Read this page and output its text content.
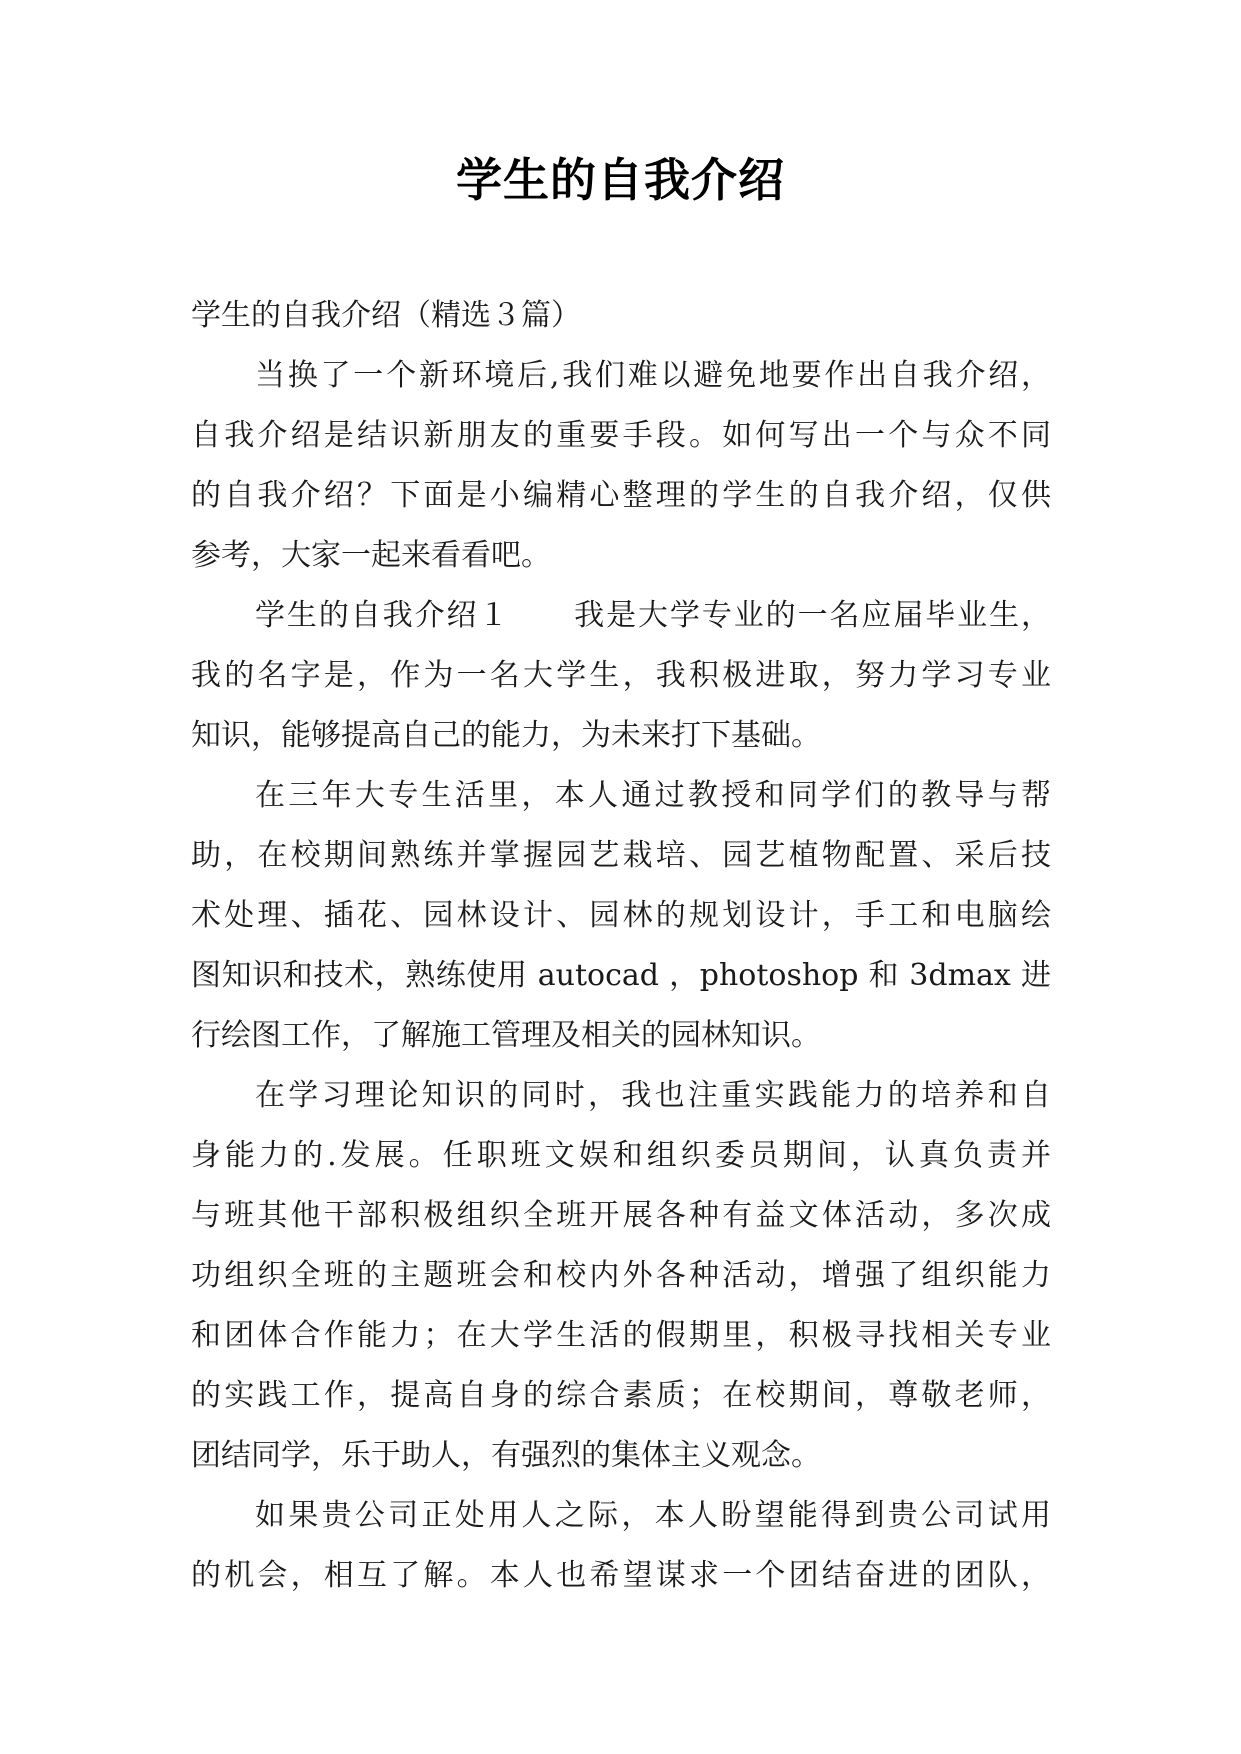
学生的自我介绍
学生的自我介绍（精选３篇）
当换了一个新环境后,我们难以避免地要作出自我介绍，
自我介绍是结识新朋友的重要手段。如何写出一个与众不同
的自我介绍？下面是小编精心整理的学生的自我介绍，仅供
参考，大家一起来看看吧。
学生的自我介绍１　　我是大学专业的一名应届毕业生，
我的名字是，作为一名大学生，我积极进取，努力学习专业
知识，能够提高自己的能力，为未来打下基础。
在三年大专生活里，本人通过教授和同学们的教导与帮
助，在校期间熟练并掌握园艺栽培、园艺植物配置、采后技
术处理、插花、园林设计、园林的规划设计，手工和电脑绘
图知识和技术，熟练使用 autocad ，photoshop 和 3dmax 进
行绘图工作，了解施工管理及相关的园林知识。
在学习理论知识的同时，我也注重实践能力的培养和自
身能力的.发展。任职班文娱和组织委员期间，认真负责并
与班其他干部积极组织全班开展各种有益文体活动，多次成
功组织全班的主题班会和校内外各种活动，增强了组织能力
和团体合作能力；在大学生活的假期里，积极寻找相关专业
的实践工作，提高自身的综合素质；在校期间，尊敬老师，
团结同学，乐于助人，有强烈的集体主义观念。
如果贵公司正处用人之际，本人盼望能得到贵公司试用
的机会，相互了解。本人也希望谋求一个团结奋进的团队，
